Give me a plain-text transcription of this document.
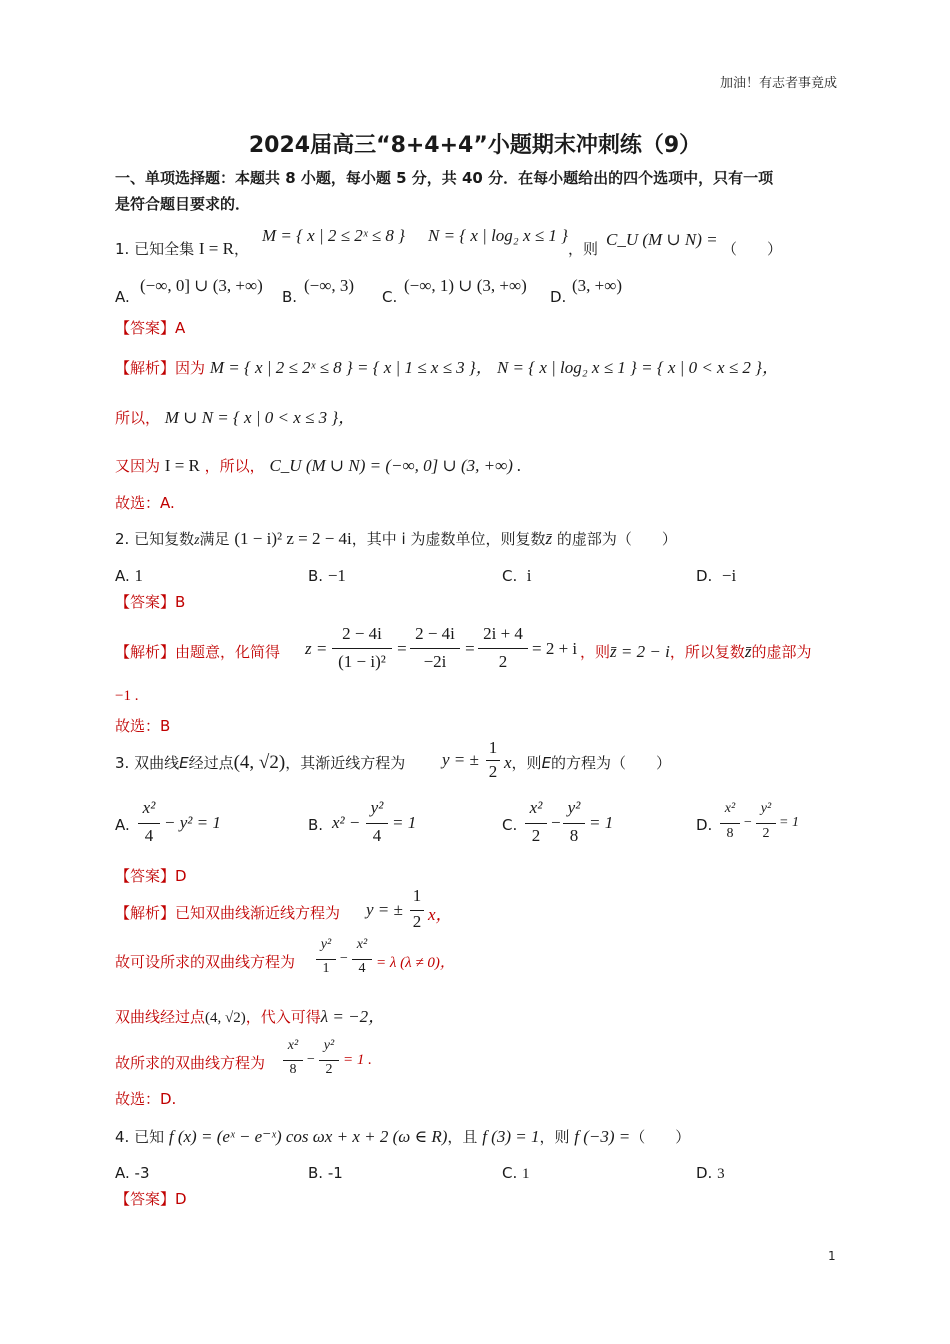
加油！有志者事竟成
2024届高三“8+4+4”小题期末冲刺练（9）
一、单项选择题：本题共 8 小题，每小题 5 分，共 40 分．在每小题给出的四个选项中，只有一项
是符合题目要求的．
1. 已知全集 I = R，
M = { x | 2 ≤ 2ˣ ≤ 8 } N = { x | log₂ x ≤ 1 }
，则 C_U (M ∪ N) = （　　）
A.
(−∞, 0] ∪ (3, +∞)
B.
(−∞, 3)
C.
(−∞, 1) ∪ (3, +∞)
D.
(3, +∞)
【答案】A
【解析】因为 M = { x | 2 ≤ 2ˣ ≤ 8 } = { x | 1 ≤ x ≤ 3 }， N = { x | log₂ x ≤ 1 } = { x | 0 < x ≤ 2 }，
所以， M ∪ N = { x | 0 < x ≤ 3 }，
又因为 I = R ，所以， C_U (M ∪ N) = (−∞, 0] ∪ (3, +∞) .
故选：A.
2. 已知复数z满足 (1 − i)² z = 2 − 4i，其中 i 为虚数单位，则复数z̄ 的虚部为（　　）
A. 1	B. −1	C. i	D. −i
【答案】B
【解析】由题意，化简得 z =
2 − 4i
(1 − i)²
=
2 − 4i
−2i
=
2i + 4
2
= 2 + i ，则z̄ = 2 − i，所以复数z̄的虚部为
−1 .
故选：B
3. 双曲线E经过点(4, √2)，其渐近线方程为 y = ±
1
2 x，则E的方程为（　　）
A.
x²
4
− y² = 1	B. x² −
y²
4
= 1	C.
x²
2
−
y²
8
= 1	D.
x²
8
−
y²
2
= 1
【答案】D
【解析】已知双曲线渐近线方程为 y = ±
1
2 x，
故可设所求的双曲线方程为
y²
1
−
x²
4 = λ (λ ≠ 0)，
双曲线经过点(4, √2)，代入可得λ = −2，
故所求的双曲线方程为
x²
8
−
y²
2
= 1 .
故选：D.
4. 已知 f (x) = (eˣ − e⁻ˣ) cos ωx + x + 2 (ω ∈ R)，且 f (3) = 1，则 f (−3) =（　　）
A. -3	B. -1	C. 1	D. 3
【答案】D
1
